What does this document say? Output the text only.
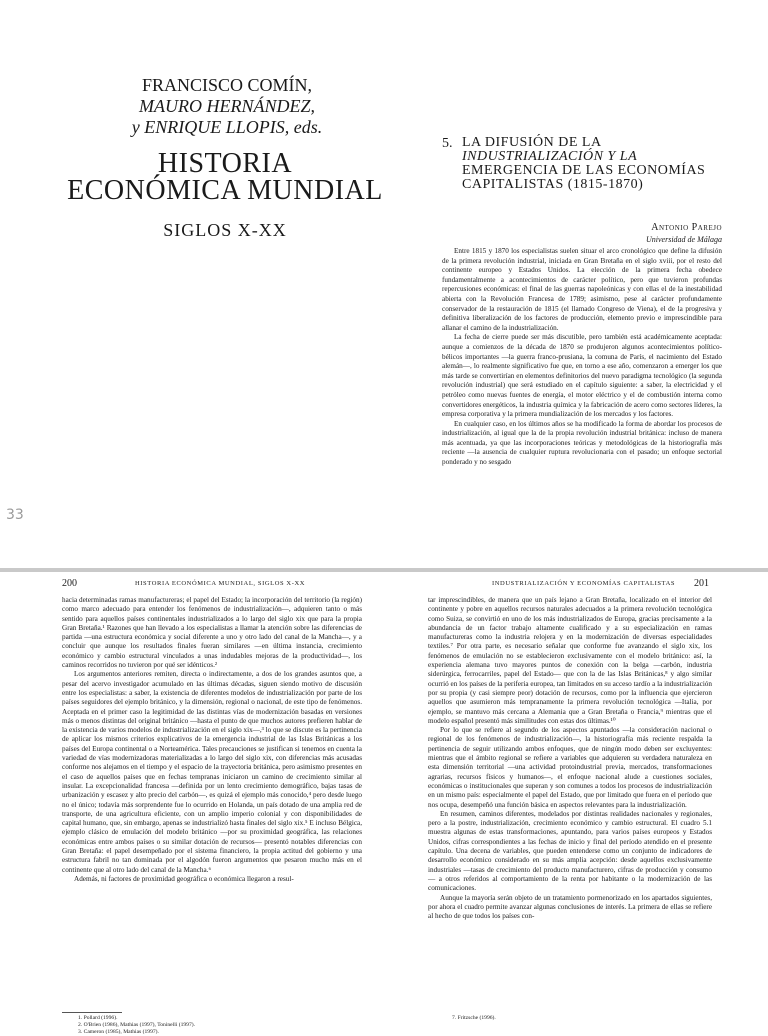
FRANCISCO COMÍN,
MAURO HERNÁNDEZ,
y ENRIQUE LLOPIS, eds.
HISTORIA
ECONÓMICA MUNDIAL
SIGLOS X-XX
5. LA DIFUSIÓN DE LA
INDUSTRIALIZACIÓN Y LA
EMERGENCIA DE LAS ECONOMÍAS
CAPITALISTAS (1815-1870)
Antonio Parejo
Universidad de Málaga

Entre 1815 y 1870 los especialistas suelen situar el arco cronológico que define la difusión de la primera revolución industrial, iniciada en Gran Bretaña en el siglo xviii, por el resto del continente europeo y Estados Unidos. La elección de la primera fecha obedece fundamentalmente a acontecimientos de carácter político, pero que tuvieron profundas repercusiones económicas: el final de las guerras napoleónicas y con ellas el de la inestabilidad abierta con la Revolución Francesa de 1789; asimismo, pese al carácter profundamente conservador de la restauración de 1815 (el llamado Congreso de Viena), el de la progresiva y definitiva liberalización de los factores de producción, elemento previo e imprescindible para allanar el camino de la industrialización.

La fecha de cierre puede ser más discutible, pero también está académicamente aceptada: aunque a comienzos de la década de 1870 se produjeron algunos acontecimientos político-bélicos importantes —la guerra franco-prusiana, la comuna de París, el nacimiento del Estado alemán—, lo realmente significativo fue que, en torno a ese año, comenzaron a emerger los que más tarde se convertirían en elementos definitorios del nuevo paradigma tecnológico (la segunda revolución industrial) que será estudiado en el capítulo siguiente: a saber, la electricidad y el petróleo como nuevas fuentes de energía, el motor eléctrico y el de combustión interna como convertidores energéticos, la industria química y la fabricación de acero como sectores líderes, la empresa corporativa y la primera mundialización de los mercados y los factores.

En cualquier caso, en los últimos años se ha modificado la forma de abordar los procesos de industrialización, al igual que la de la propia revolución industrial británica: incluso de manera más acentuada, ya que las incorporaciones teóricas y metodológicas de la historiografía más reciente —la ausencia de cualquier ruptura revolucionaria con el pasado; un enfoque sectorial ponderado y no sesgado

33
200	HISTORIA ECONÓMICA MUNDIAL, SIGLOS X-XX	INDUSTRIALIZACIÓN Y ECONOMÍAS CAPITALISTAS 201

hacia determinadas ramas manufactureras; el papel del Estado; la incorporación del territorio (la región) como marco adecuado para entender los fenómenos de industrialización—, adquieren tanto o más sentido para aquellos países continentales industrializados a lo largo del siglo xix que para la propia Gran Bretaña.¹ Razones que han llevado a los especialistas a llamar la atención sobre las diferencias de partida —una estructura económica y social diferente a uno y otro lado del canal de la Mancha—, y a concluir que aunque los resultados finales fueran similares —en última instancia, crecimiento económico y cambio estructural vinculados a unas indudables mejoras de la productividad—, los caminos recorridos no tuvieron por qué ser idénticos.²

Los argumentos anteriores remiten, directa o indirectamente, a dos de los grandes asuntos que, a pesar del acervo investigador acumulado en las últimas décadas, siguen siendo motivo de discusión entre los especialistas: a saber, la existencia de diferentes modelos de industrialización por parte de los países seguidores del ejemplo británico, y la dimensión, regional o nacional, de este tipo de fenómenos. Aceptada en el primer caso la legitimidad de las distintas vías de modernización basadas en versiones más o menos distintas del original británico —hasta el punto de que muchos autores prefieren hablar de la existencia de varios modelos de industrialización en el siglo xix—,³ lo que se discute es la pertinencia de aplicar los mismos criterios explicativos de la emergencia industrial de las Islas Británicas a los países del Europa continental o a Norteamérica. Tales precauciones se justifican si tenemos en cuenta la variedad de vías modernizadoras materializadas a lo largo del siglo xix, con diferencias más acusadas conforme nos alejamos en el tiempo y el espacio de la trayectoria británica, pero asimismo presentes en el caso de aquellos países que en fechas tempranas iniciaron un camino de crecimiento similar al insular. La excepcionalidad francesa —definida por un lento crecimiento demográfico, bajas tasas de urbanización y escasez y alto precio del carbón—, es quizá el ejemplo más conocido,⁴ pero desde luego no el único; todavía más sorprendente fue lo ocurrido en Holanda, un país dotado de una amplia red de transporte, de una agricultura eficiente, con un amplio imperio colonial y con disponibilidades de capital humano, que, sin embargo, apenas se industrializó hasta finales del siglo xix.⁵ E incluso Bélgica, ejemplo clásico de emulación del modelo británico —por su proximidad geográfica, las relaciones económicas entre ambos países o su similar dotación de recursos— presentó notables diferencias con Gran Bretaña: el papel desempeñado por el sistema financiero, la propia actitud del gobierno y una estructura fabril no tan dominada por el algodón fueron argumentos que pesaron mucho más en el continente que al otro lado del canal de la Mancha.⁶

Además, ni factores de proximidad geográfica o económica llegaron a resul-

tar imprescindibles, de manera que un país lejano a Gran Bretaña, localizado en el interior del continente y pobre en aquellos recursos naturales adecuados a la primera revolución tecnológica como Suiza, se convirtió en uno de los más industrializados de Europa, gracias precisamente a la abundancia de un factor trabajo altamente cualificado y a su especialización en ramas manufactureras como la industria relojera y en la modernización de diversas especialidades textiles.⁷ Por otra parte, es necesario señalar que conforme fue avanzando el siglo xix, los fenómenos de emulación no se establecieron exclusivamente con el modelo británico: así, la experiencia alemana tuvo mayores puntos de conexión con la belga —carbón, industria siderúrgica, ferrocarriles, papel del Estado— que con la de las Islas Británicas,⁸ y algo similar ocurrió en los países de la periferia europea, tan limitados en su acceso tardío a la industrialización por su propia (y casi siempre peor) dotación de recursos, como por la influencia que ejercieron aquellos que asumieron más tempranamente la primera revolución tecnológica —Italia, por ejemplo, se mantuvo más cercana a Alemania que a Gran Bretaña o Francia,⁹ mientras que el modelo español presentó más similitudes con estas dos últimas.¹⁰

Por lo que se refiere al segundo de los aspectos apuntados —la consideración nacional o regional de los fenómenos de industrialización—, la historiografía más reciente respalda la pertinencia de seguir utilizando ambos enfoques, que de ningún modo deben ser excluyentes: mientras que el ámbito regional se refiere a variables que adquieren su verdadera naturaleza en esta dimensión territorial —una actividad protoindustrial previa, mercados, transformaciones agrarias, recursos físicos y humanos—, el enfoque nacional alude a cuestiones sociales, económicas o institucionales que superan y son comunes a todos los procesos de industrialización en un mismo país: especialmente el papel del Estado, que por limitado que fuera en el período que nos ocupa, desempeñó una función básica en aspectos relevantes para la industrialización.

En resumen, caminos diferentes, modelados por distintas realidades nacionales y regionales, pero a la postre, industrialización, crecimiento económico y cambio estructural. El cuadro 5.1 muestra algunas de estas transformaciones, apuntando, para varios países europeos y Estados Unidos, cifras correspondientes a las fechas de inicio y final del período atendido en el presente capítulo. Una decena de variables, que pueden entenderse como un conjunto de indicadores de desarrollo económico considerado en su más amplia acepción: desde aquellos exclusivamente industriales —tasas de crecimiento del producto manufacturero, cifras de producción y consumo— a otros referidos al comportamiento de la renta por habitante o la modernización de las comunicaciones.

Aunque la mayoría serán objeto de un tratamiento pormenorizado en los apartados siguientes, por ahora el cuadro permite avanzar algunas conclusiones de interés. La primera de ellas se refiere al hecho de que todos los países con-

1. Pollard (1996).
2. O'Brien (1986), Mathias (1997), Toninelli (1997).
3. Cameron (1985), Mathias (1997).
7. Fritzsche (1996).
